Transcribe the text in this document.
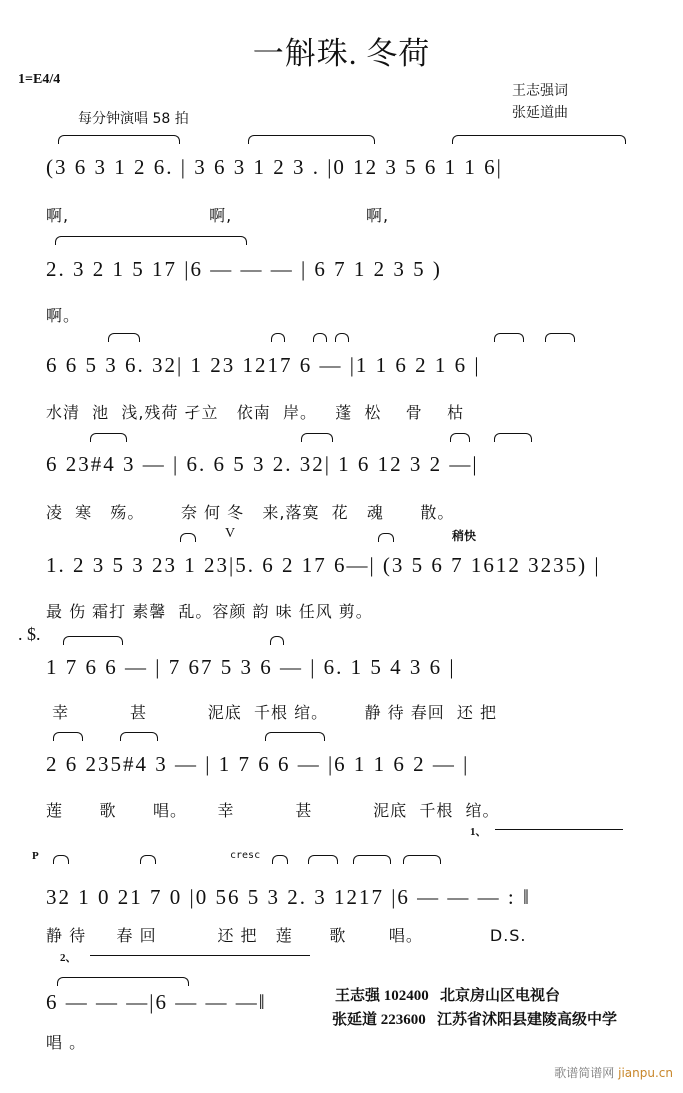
一斛珠. 冬荷
1=E4/4
王志强词
张延道曲
每分钟演唱 58 拍
(3 6 3 1 2 6. | 3 6 3 1 2 3 . |0 12 3 5 6 1 1 6|
啊,                       啊,                      啊,
2. 3 2 1 5 17 |6 — — — | 6 7 1 2 3 5 )
啊。
6 6 5 3 6. 32| 1 23 1217 6 — |1 1 6 2 1 6 |
水清  池  浅,残荷 孑立   依南  岸。   蓬  松    骨    枯
6 23#4 3 — | 6. 6 5 3 2. 32| 1 6 12 3 2 —|
凌  寒   殇。      奈 何 冬   来,落寞  花   魂      散。
V	稍快
1. 2 3 5 3 23 1 23|5. 6 2 17 6—| (3 5 6 7 1612 3235) |
最 伤 霜打 素馨  乱。容颜 韵 味 任风 剪。
. $.
1 7 6 6 — | 7 67 5 3 6 — | 6. 1 5 4 3 6 |
幸          甚          泥底  千根 绾。      静 待 春回  还 把
2 6 235#4 3 — | 1 7 6 6 — |6 1 1 6 2 — |
莲      歌      唱。     幸          甚          泥底  千根  绾。
1、
P	cresc
32 1 0 21 7 0 |0 56 5 3 2. 3 1217 |6 — — — : ‖
静 待     春 回          还 把   莲      歌       唱。           D.S.
2、
6 — — —|6 — — —‖
唱 。
王志强 102400 北京房山区电视台
张延道 223600 江苏省沭阳县建陵高级中学
歌谱简谱网 jianpu.cn
